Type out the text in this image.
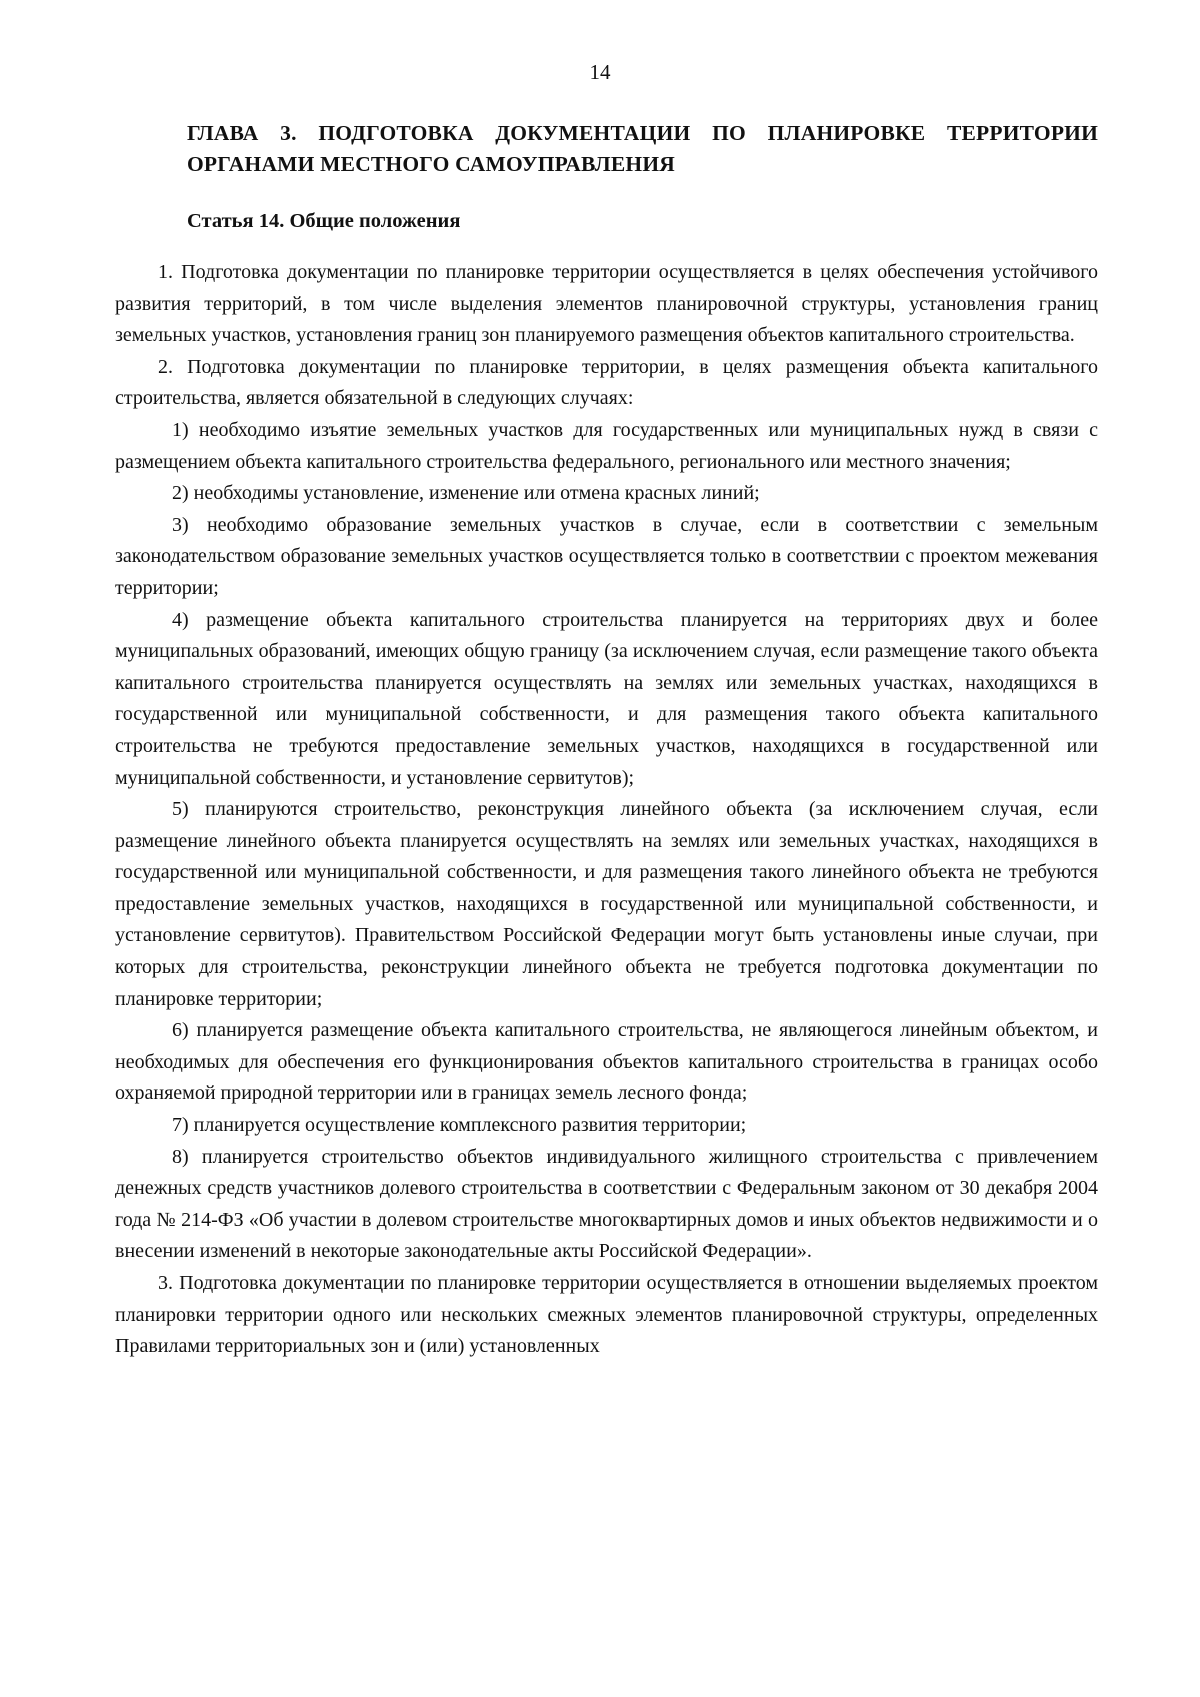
14
ГЛАВА 3. ПОДГОТОВКА ДОКУМЕНТАЦИИ ПО ПЛАНИРОВКЕ ТЕРРИТОРИИ ОРГАНАМИ МЕСТНОГО САМОУПРАВЛЕНИЯ
Статья 14. Общие положения

1. Подготовка документации по планировке территории осуществляется в целях обеспечения устойчивого развития территорий, в том числе выделения элементов планировочной структуры, установления границ земельных участков, установления границ зон планируемого размещения объектов капитального строительства.

2. Подготовка документации по планировке территории, в целях размещения объекта капитального строительства, является обязательной в следующих случаях:

1) необходимо изъятие земельных участков для государственных или муниципальных нужд в связи с размещением объекта капитального строительства федерального, регионального или местного значения;

2) необходимы установление, изменение или отмена красных линий;

3) необходимо образование земельных участков в случае, если в соответствии с земельным законодательством образование земельных участков осуществляется только в соответствии с проектом межевания территории;

4) размещение объекта капитального строительства планируется на территориях двух и более муниципальных образований, имеющих общую границу (за исключением случая, если размещение такого объекта капитального строительства планируется осуществлять на землях или земельных участках, находящихся в государственной или муниципальной собственности, и для размещения такого объекта капитального строительства не требуются предоставление земельных участков, находящихся в государственной или муниципальной собственности, и установление сервитутов);

5) планируются строительство, реконструкция линейного объекта (за исключением случая, если размещение линейного объекта планируется осуществлять на землях или земельных участках, находящихся в государственной или муниципальной собственности, и для размещения такого линейного объекта не требуются предоставление земельных участков, находящихся в государственной или муниципальной собственности, и установление сервитутов). Правительством Российской Федерации могут быть установлены иные случаи, при которых для строительства, реконструкции линейного объекта не требуется подготовка документации по планировке территории;

6) планируется размещение объекта капитального строительства, не являющегося линейным объектом, и необходимых для обеспечения его функционирования объектов капитального строительства в границах особо охраняемой природной территории или в границах земель лесного фонда;

7) планируется осуществление комплексного развития территории;

8) планируется строительство объектов индивидуального жилищного строительства с привлечением денежных средств участников долевого строительства в соответствии с Федеральным законом от 30 декабря 2004 года № 214-ФЗ «Об участии в долевом строительстве многоквартирных домов и иных объектов недвижимости и о внесении изменений в некоторые законодательные акты Российской Федерации».

3. Подготовка документации по планировке территории осуществляется в отношении выделяемых проектом планировки территории одного или нескольких смежных элементов планировочной структуры, определенных Правилами территориальных зон и (или) установленных
